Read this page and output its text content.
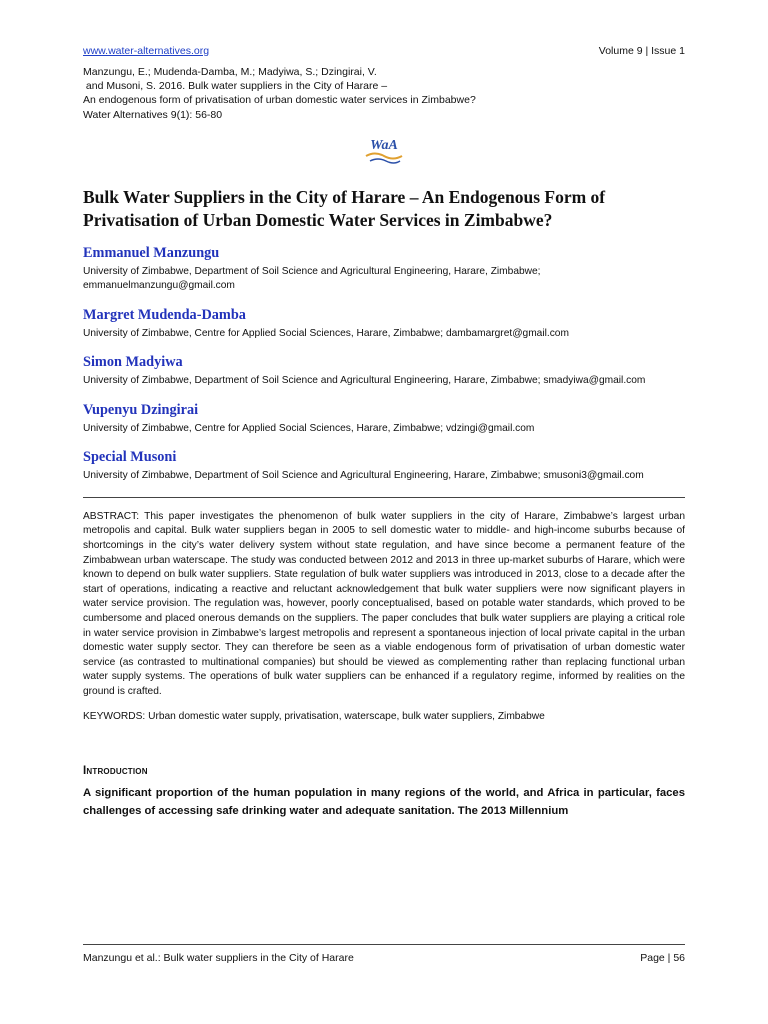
www.water-alternatives.org	Volume 9 | Issue 1
Manzungu, E.; Mudenda-Damba, M.; Madyiwa, S.; Dzingirai, V.
and Musoni, S. 2016. Bulk water suppliers in the City of Harare –
An endogenous form of privatisation of urban domestic water services in Zimbabwe?
Water Alternatives 9(1): 56-80
WaA
Bulk Water Suppliers in the City of Harare – An Endogenous Form of Privatisation of Urban Domestic Water Services in Zimbabwe?
Emmanuel Manzungu
University of Zimbabwe, Department of Soil Science and Agricultural Engineering, Harare, Zimbabwe; emmanuelmanzungu@gmail.com
Margret Mudenda-Damba
University of Zimbabwe, Centre for Applied Social Sciences, Harare, Zimbabwe; dambamargret@gmail.com
Simon Madyiwa
University of Zimbabwe, Department of Soil Science and Agricultural Engineering, Harare, Zimbabwe; smadyiwa@gmail.com
Vupenyu Dzingirai
University of Zimbabwe, Centre for Applied Social Sciences, Harare, Zimbabwe; vdzingi@gmail.com
Special Musoni
University of Zimbabwe, Department of Soil Science and Agricultural Engineering, Harare, Zimbabwe; smusoni3@gmail.com

ABSTRACT: This paper investigates the phenomenon of bulk water suppliers in the city of Harare, Zimbabwe’s largest urban metropolis and capital. Bulk water suppliers began in 2005 to sell domestic water to middle- and high-income suburbs because of shortcomings in the city’s water delivery system without state regulation, and have since become a permanent feature of the Zimbabwean urban waterscape. The study was conducted between 2012 and 2013 in three up-market suburbs of Harare, which were known to depend on bulk water suppliers. State regulation of bulk water suppliers was introduced in 2013, close to a decade after the start of operations, indicating a reactive and reluctant acknowledgement that bulk water suppliers were now significant players in water service provision. The regulation was, however, poorly conceptualised, based on potable water standards, which proved to be cumbersome and placed onerous demands on the suppliers. The paper concludes that bulk water suppliers are playing a critical role in water service provision in Zimbabwe’s largest metropolis and represent a spontaneous injection of local private capital in the urban domestic water supply sector. They can therefore be seen as a viable endogenous form of privatisation of urban domestic water service (as contrasted to multinational companies) but should be viewed as complementing rather than replacing functional urban water supply systems. The operations of bulk water suppliers can be enhanced if a regulatory regime, informed by realities on the ground is crafted.

KEYWORDS: Urban domestic water supply, privatisation, waterscape, bulk water suppliers, Zimbabwe

Introduction

A significant proportion of the human population in many regions of the world, and Africa in particular, faces challenges of accessing safe drinking water and adequate sanitation. The 2013 Millennium

Manzungu et al.: Bulk water suppliers in the City of Harare	Page | 56
